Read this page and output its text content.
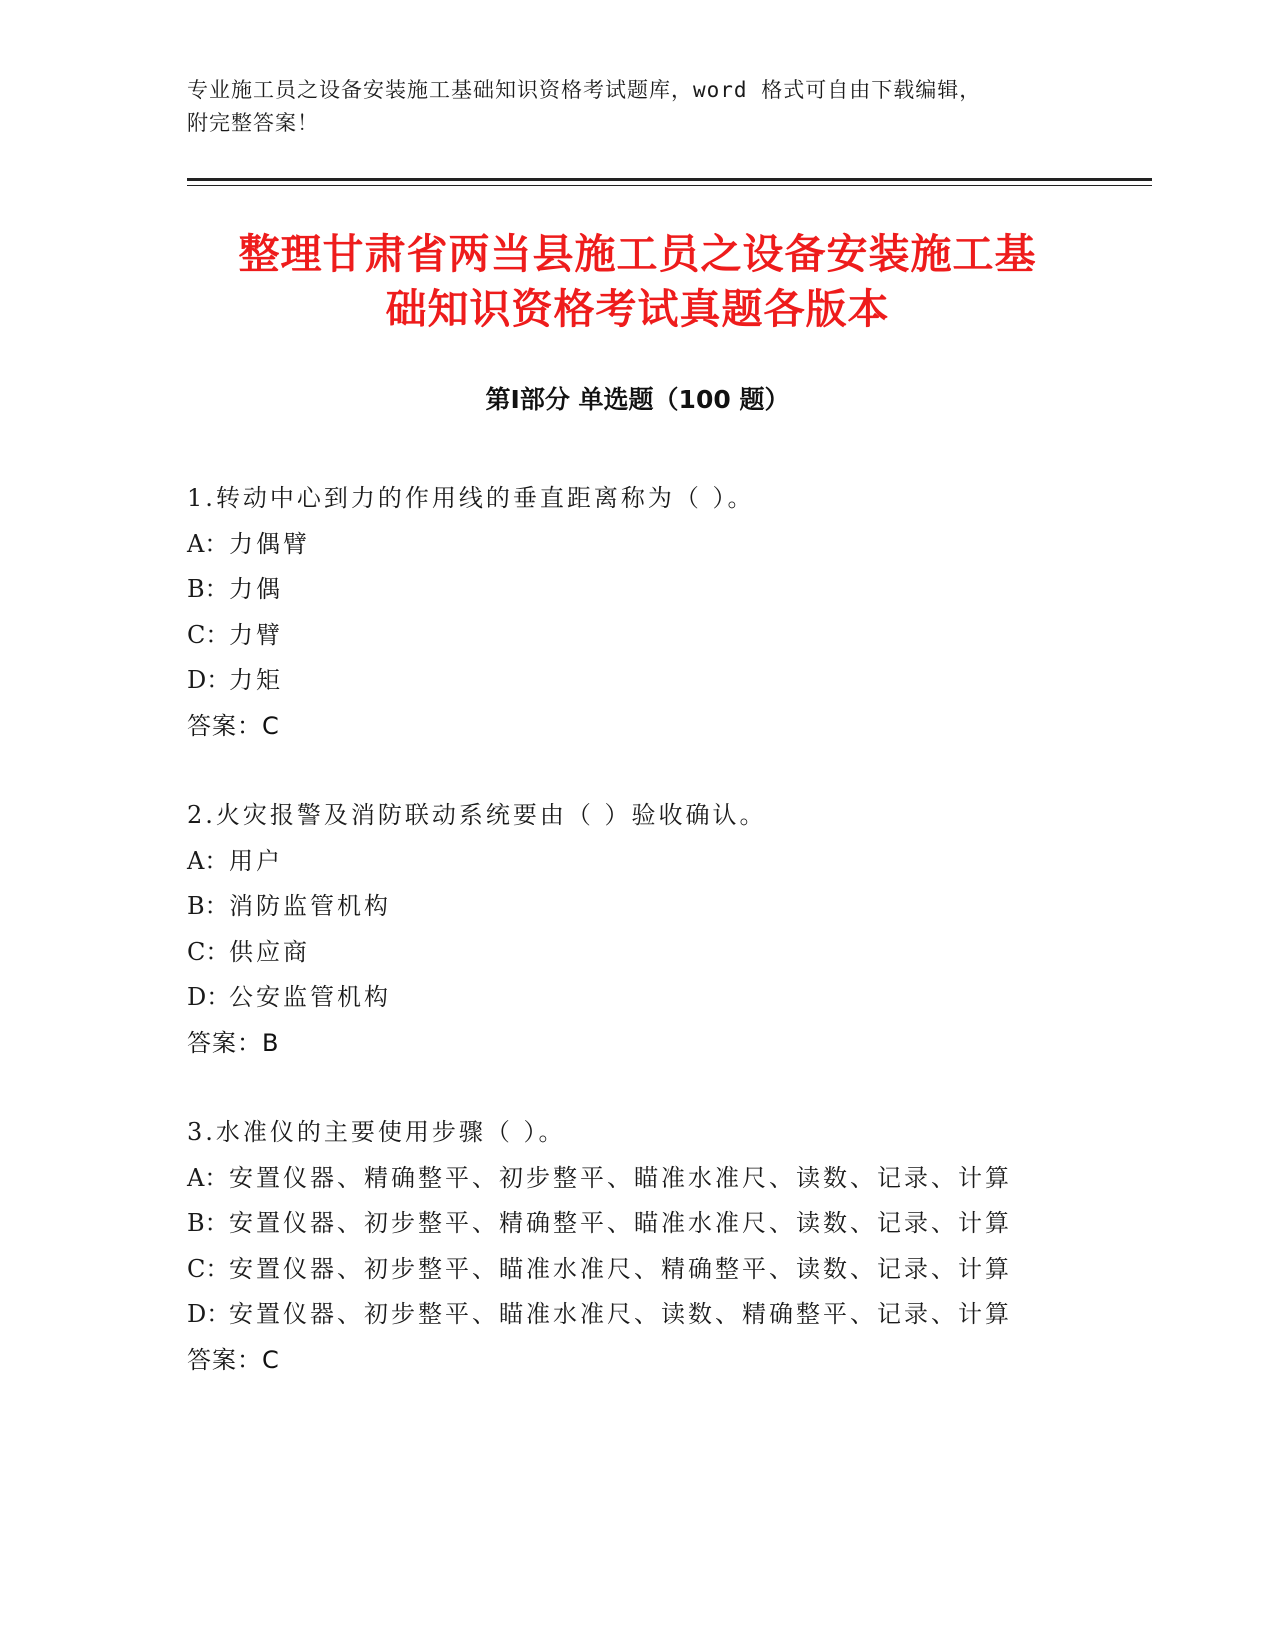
专业施工员之设备安装施工基础知识资格考试题库，word 格式可自由下载编辑，
附完整答案！
整理甘肃省两当县施工员之设备安装施工基
础知识资格考试真题各版本
第Ⅰ部分 单选题（100 题）
1.转动中心到力的作用线的垂直距离称为（ ）。
A：力偶臂
B：力偶
C：力臂
D：力矩
答案：C
2.火灾报警及消防联动系统要由（ ）验收确认。
A：用户
B：消防监管机构
C：供应商
D：公安监管机构
答案：B
3.水准仪的主要使用步骤（ ）。
A：安置仪器、精确整平、初步整平、瞄准水准尺、读数、记录、计算
B：安置仪器、初步整平、精确整平、瞄准水准尺、读数、记录、计算
C：安置仪器、初步整平、瞄准水准尺、精确整平、读数、记录、计算
D：安置仪器、初步整平、瞄准水准尺、读数、精确整平、记录、计算
答案：C
